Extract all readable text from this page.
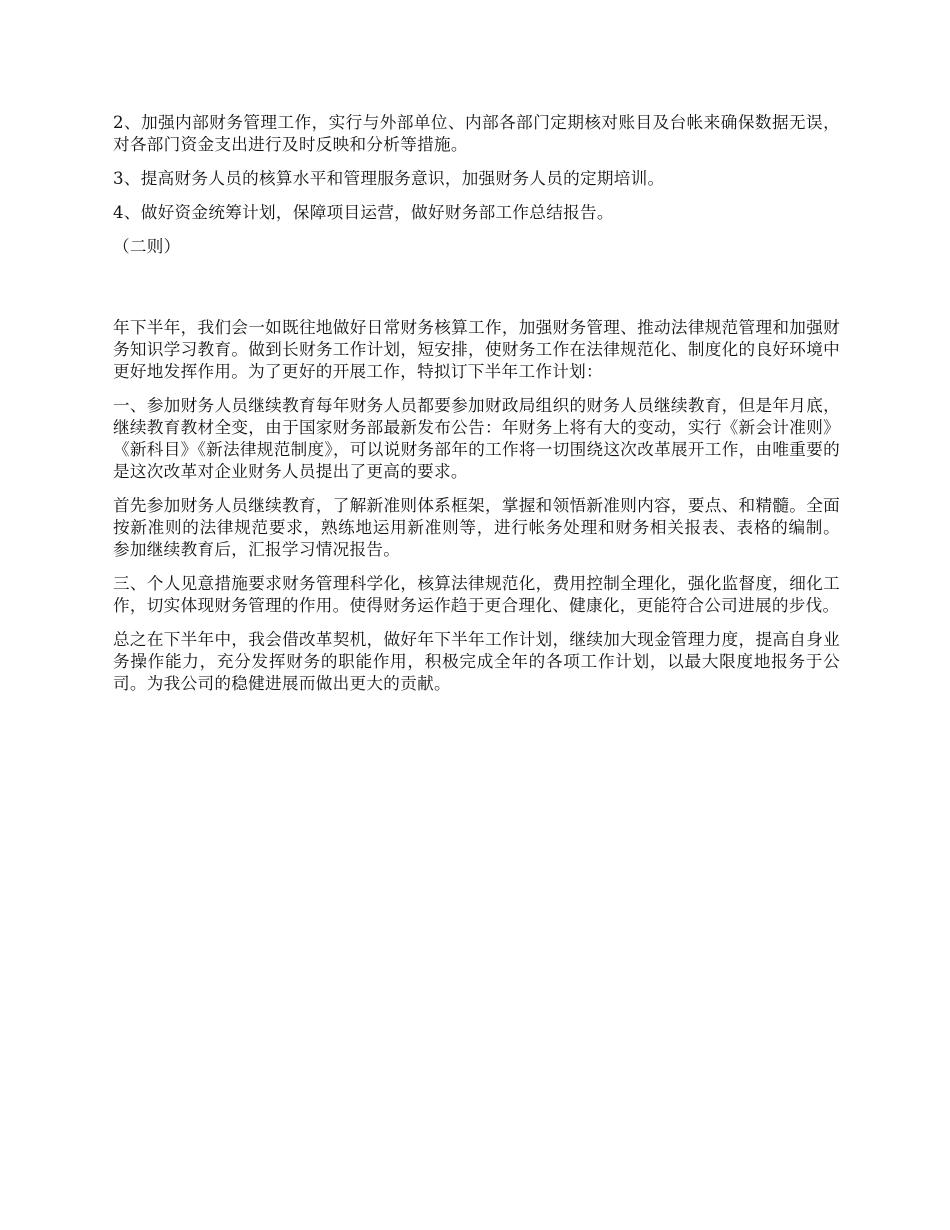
2、加强内部财务管理工作，实行与外部单位、内部各部门定期核对账目及台帐来确保数据无误，对各部门资金支出进行及时反映和分析等措施。

3、提高财务人员的核算水平和管理服务意识，加强财务人员的定期培训。

4、做好资金统筹计划，保障项目运营，做好财务部工作总结报告。

（二则）

年下半年，我们会一如既往地做好日常财务核算工作，加强财务管理、推动法律规范管理和加强财务知识学习教育。做到长财务工作计划，短安排，使财务工作在法律规范化、制度化的良好环境中更好地发挥作用。为了更好的开展工作，特拟订下半年工作计划：

一、参加财务人员继续教育每年财务人员都要参加财政局组织的财务人员继续教育，但是年月底，继续教育教材全变，由于国家财务部最新发布公告：年财务上将有大的变动，实行《新会计准则》《新科目》《新法律规范制度》，可以说财务部年的工作将一切围绕这次改革展开工作，由唯重要的是这次改革对企业财务人员提出了更高的要求。

首先参加财务人员继续教育，了解新准则体系框架，掌握和领悟新准则内容，要点、和精髓。全面按新准则的法律规范要求，熟练地运用新准则等，进行帐务处理和财务相关报表、表格的编制。 参加继续教育后，汇报学习情况报告。

三、个人见意措施要求财务管理科学化，核算法律规范化，费用控制全理化，强化监督度，细化工作，切实体现财务管理的作用。使得财务运作趋于更合理化、健康化，更能符合公司进展的步伐。

总之在下半年中，我会借改革契机，做好年下半年工作计划，继续加大现金管理力度，提高自身业务操作能力，充分发挥财务的职能作用，积极完成全年的各项工作计划，以最大限度地报务于公司。为我公司的稳健进展而做出更大的贡献。
